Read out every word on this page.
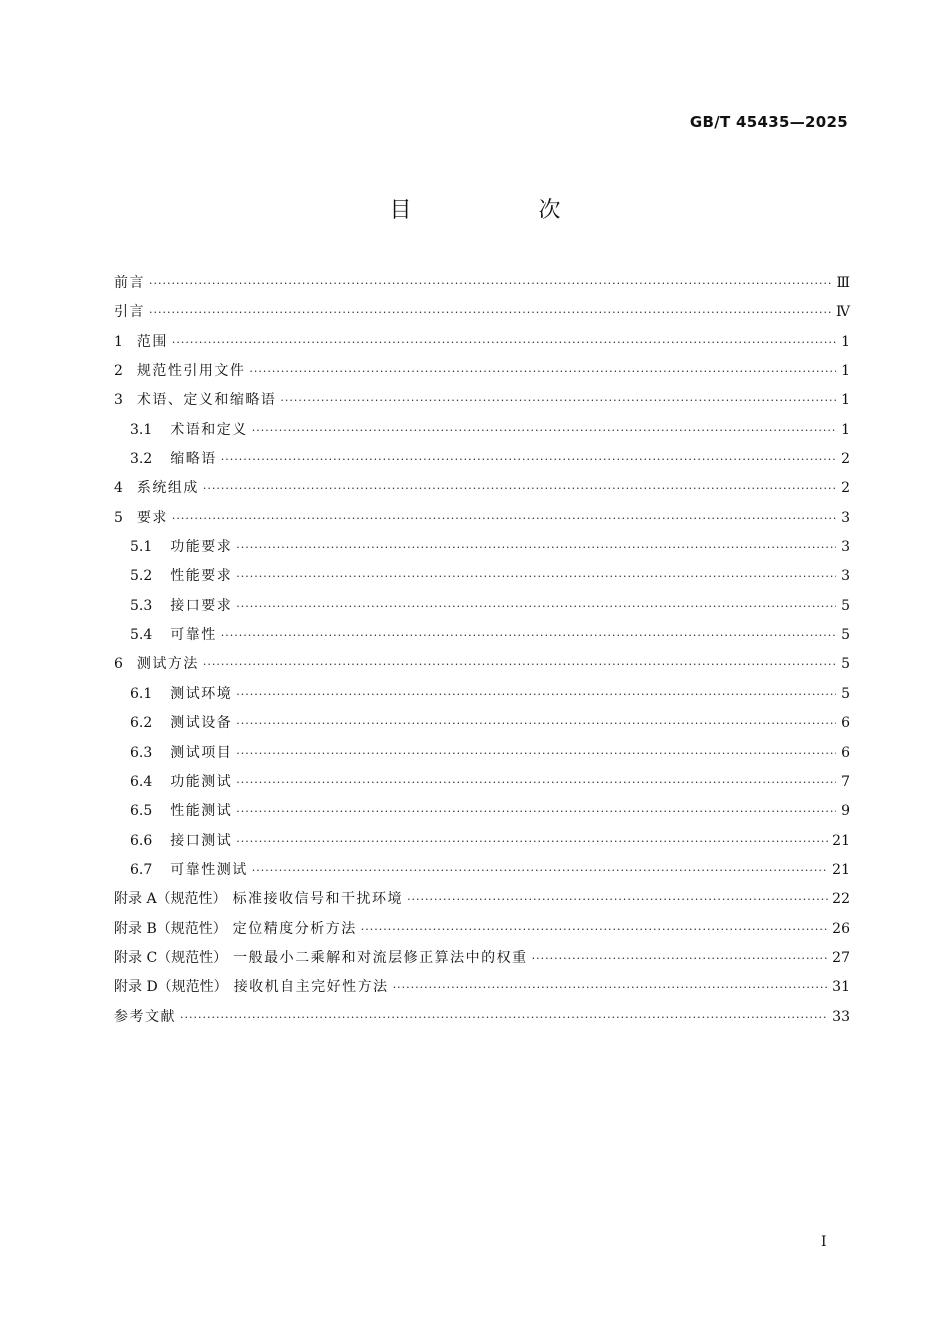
GB/T 45435—2025
目 次
前言 ·····	Ⅲ
引言 ·····	Ⅳ
1 范围 ·····	1
2 规范性引用文件 ·····	1
3 术语、定义和缩略语 ·····	1
3.1 术语和定义 ·····	1
3.2 缩略语 ·····	2
4 系统组成 ·····	2
5 要求 ·····	3
5.1 功能要求 ·····	3
5.2 性能要求 ·····	3
5.3 接口要求 ·····	5
5.4 可靠性 ·····	5
6 测试方法 ·····	5
6.1 测试环境 ·····	5
6.2 测试设备 ·····	6
6.3 测试项目 ·····	6
6.4 功能测试 ·····	7
6.5 性能测试 ·····	9
6.6 接口测试 ·····	21
6.7 可靠性测试 ·····	21
附录 A（规范性） 标准接收信号和干扰环境 ·····	22
附录 B（规范性） 定位精度分析方法 ·····	26
附录 C（规范性） 一般最小二乘解和对流层修正算法中的权重 ·····	27
附录 D（规范性） 接收机自主完好性方法 ·····	31
参考文献 ·····	33
I
